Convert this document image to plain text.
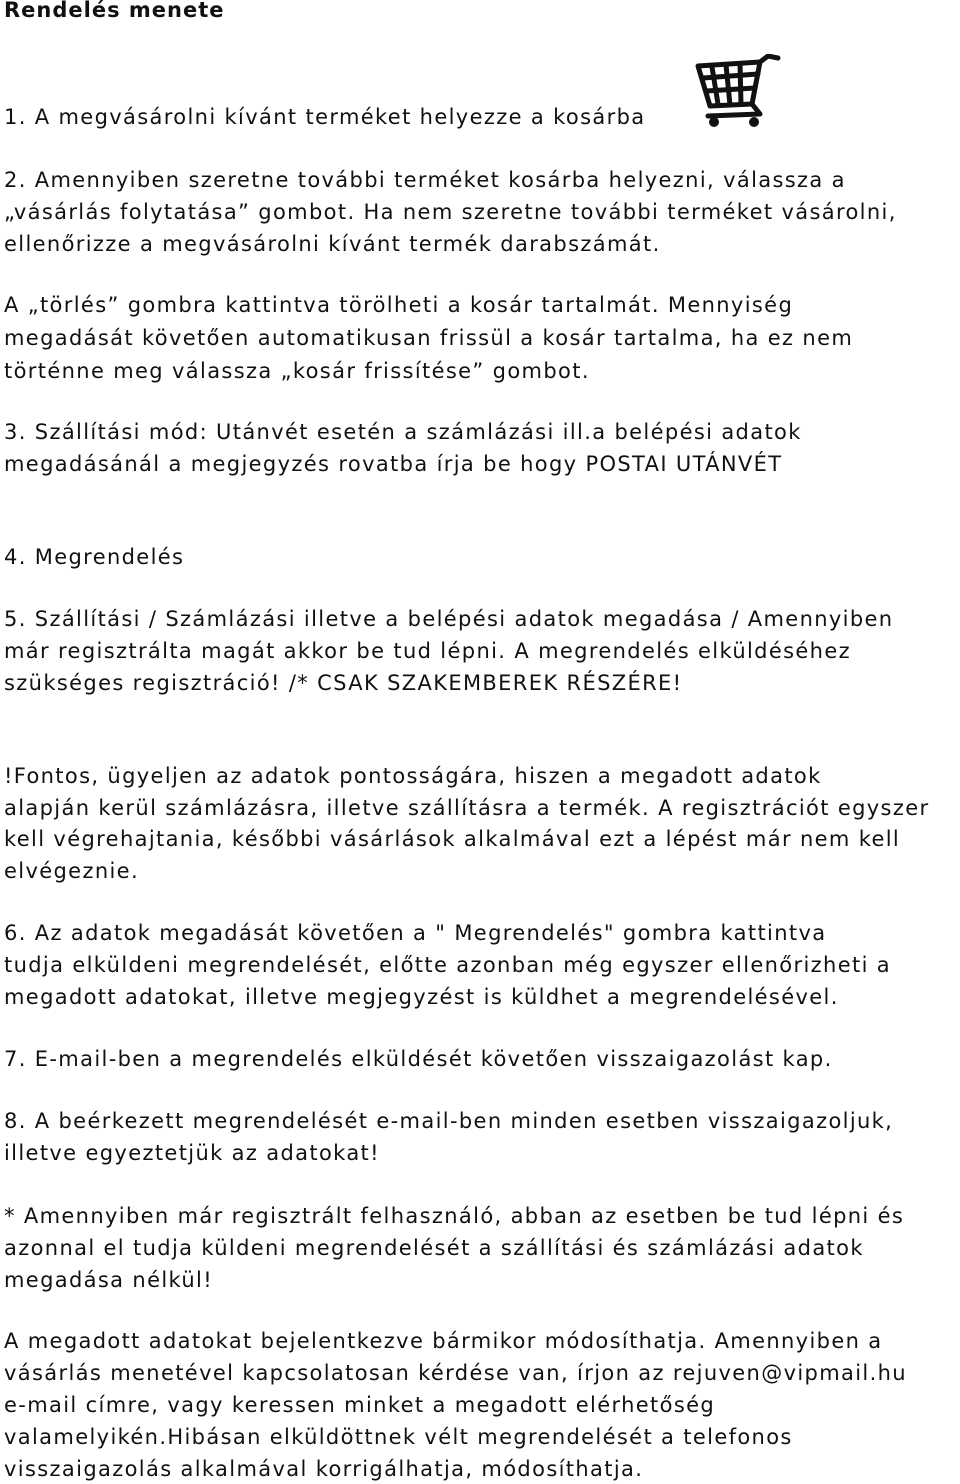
Rendelés menete
1. A megvásárolni kívánt terméket helyezze a kosárba
2. Amennyiben szeretne további terméket kosárba helyezni, válassza a
„vásárlás folytatása” gombot. Ha nem szeretne további terméket vásárolni,
ellenőrizze a megvásárolni kívánt termék darabszámát.
A „törlés” gombra kattintva törölheti a kosár tartalmát. Mennyiség
megadását követően automatikusan frissül a kosár tartalma, ha ez nem
történne meg válassza „kosár frissítése” gombot.
3. Szállítási mód: Utánvét esetén a számlázási ill.a belépési adatok
megadásánál a megjegyzés rovatba írja be hogy POSTAI UTÁNVÉT
4. Megrendelés
5. Szállítási / Számlázási illetve a belépési adatok megadása / Amennyiben
már regisztrálta magát akkor be tud lépni. A megrendelés elküldéséhez
szükséges regisztráció! /* CSAK SZAKEMBEREK RÉSZÉRE!
!Fontos, ügyeljen az adatok pontosságára, hiszen a megadott adatok
alapján kerül számlázásra, illetve szállításra a termék. A regisztrációt egyszer
kell végrehajtania, későbbi vásárlások alkalmával ezt a lépést már nem kell
elvégeznie.
6. Az adatok megadását követően a " Megrendelés" gombra kattintva
tudja elküldeni megrendelését, előtte azonban még egyszer ellenőrizheti a
megadott adatokat, illetve megjegyzést is küldhet a megrendelésével.
7. E-mail-ben a megrendelés elküldését követően visszaigazolást kap.
8. A beérkezett megrendelését e-mail-ben minden esetben visszaigazoljuk,
illetve egyeztetjük az adatokat!
* Amennyiben már regisztrált felhasználó, abban az esetben be tud lépni és
azonnal el tudja küldeni megrendelését a szállítási és számlázási adatok
megadása nélkül!
A megadott adatokat bejelentkezve bármikor módosíthatja. Amennyiben a
vásárlás menetével kapcsolatosan kérdése van, írjon az rejuven@vipmail.hu
e-mail címre, vagy keressen minket a megadott elérhetőség
valamelyikén.Hibásan elküldöttnek vélt megrendelését a telefonos
visszaigazolás alkalmával korrigálhatja, módosíthatja.
